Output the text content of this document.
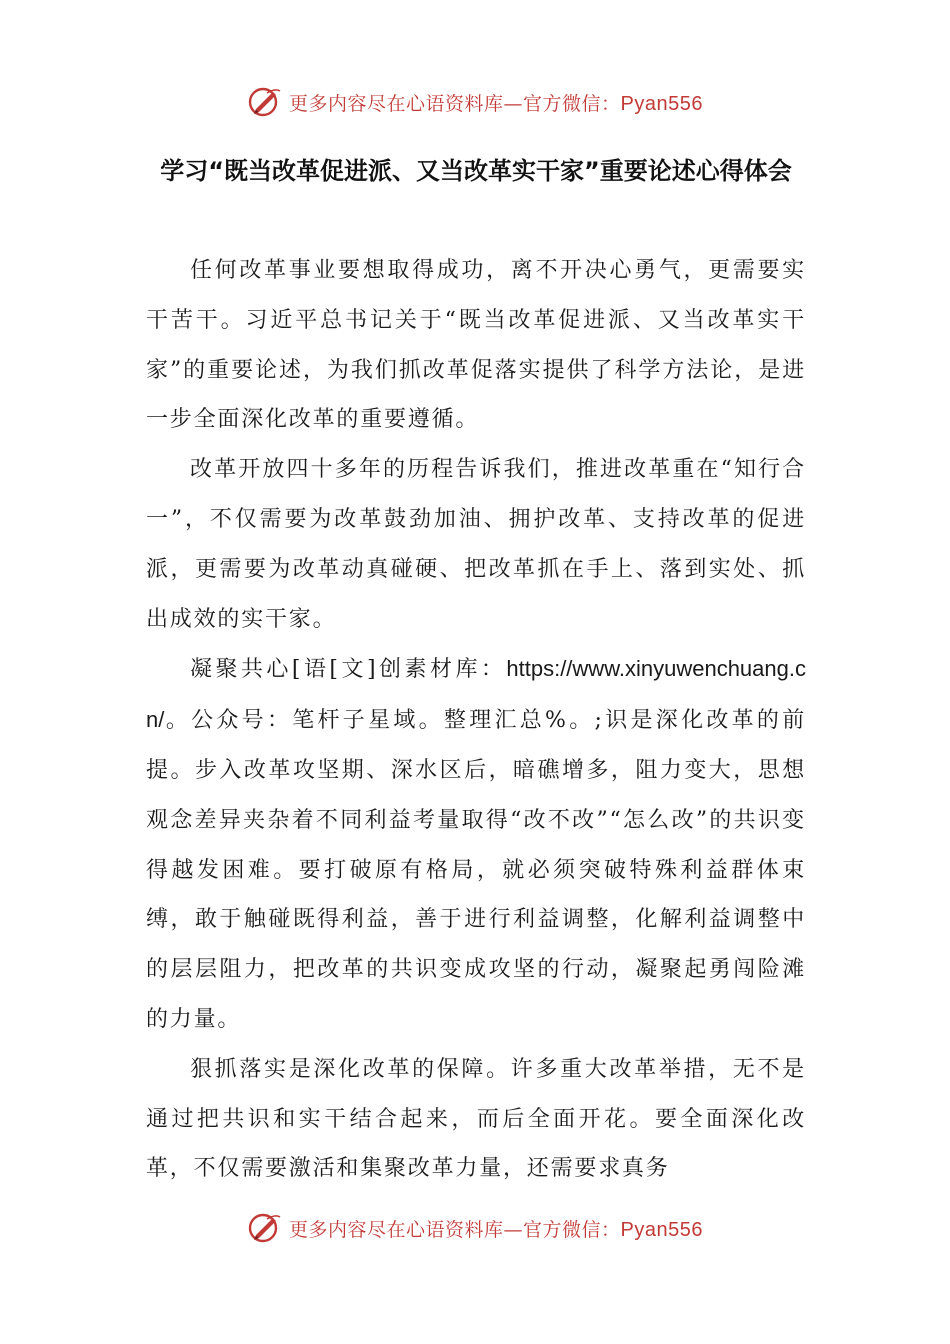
更多内容尽在心语资料库—官方微信：Pyan556
学习“既当改革促进派、又当改革实干家”重要论述心得体会

任何改革事业要想取得成功，离不开决心勇气，更需要实干苦干。习近平总书记关于“既当改革促进派、又当改革实干家”的重要论述，为我们抓改革促落实提供了科学方法论，是进一步全面深化改革的重要遵循。

改革开放四十多年的历程告诉我们，推进改革重在“知行合一”，不仅需要为改革鼓劲加油、拥护改革、支持改革的促进派，更需要为改革动真碰硬、把改革抓在手上、落到实处、抓出成效的实干家。

凝聚共心[语[文]创素材库：https://www.xinyuwenchuang.cn/。公众号：笔杆子星域。整理汇总%。;识是深化改革的前提。步入改革攻坚期、深水区后，暗礁增多，阻力变大，思想观念差异夹杂着不同利益考量取得“改不改”“怎么改”的共识变得越发困难。要打破原有格局，就必须突破特殊利益群体束缚，敢于触碰既得利益，善于进行利益调整，化解利益调整中的层层阻力，把改革的共识变成攻坚的行动，凝聚起勇闯险滩的力量。

狠抓落实是深化改革的保障。许多重大改革举措，无不是通过把共识和实干结合起来，而后全面开花。要全面深化改革，不仅需要激活和集聚改革力量，还需要求真务

更多内容尽在心语资料库—官方微信：Pyan556
